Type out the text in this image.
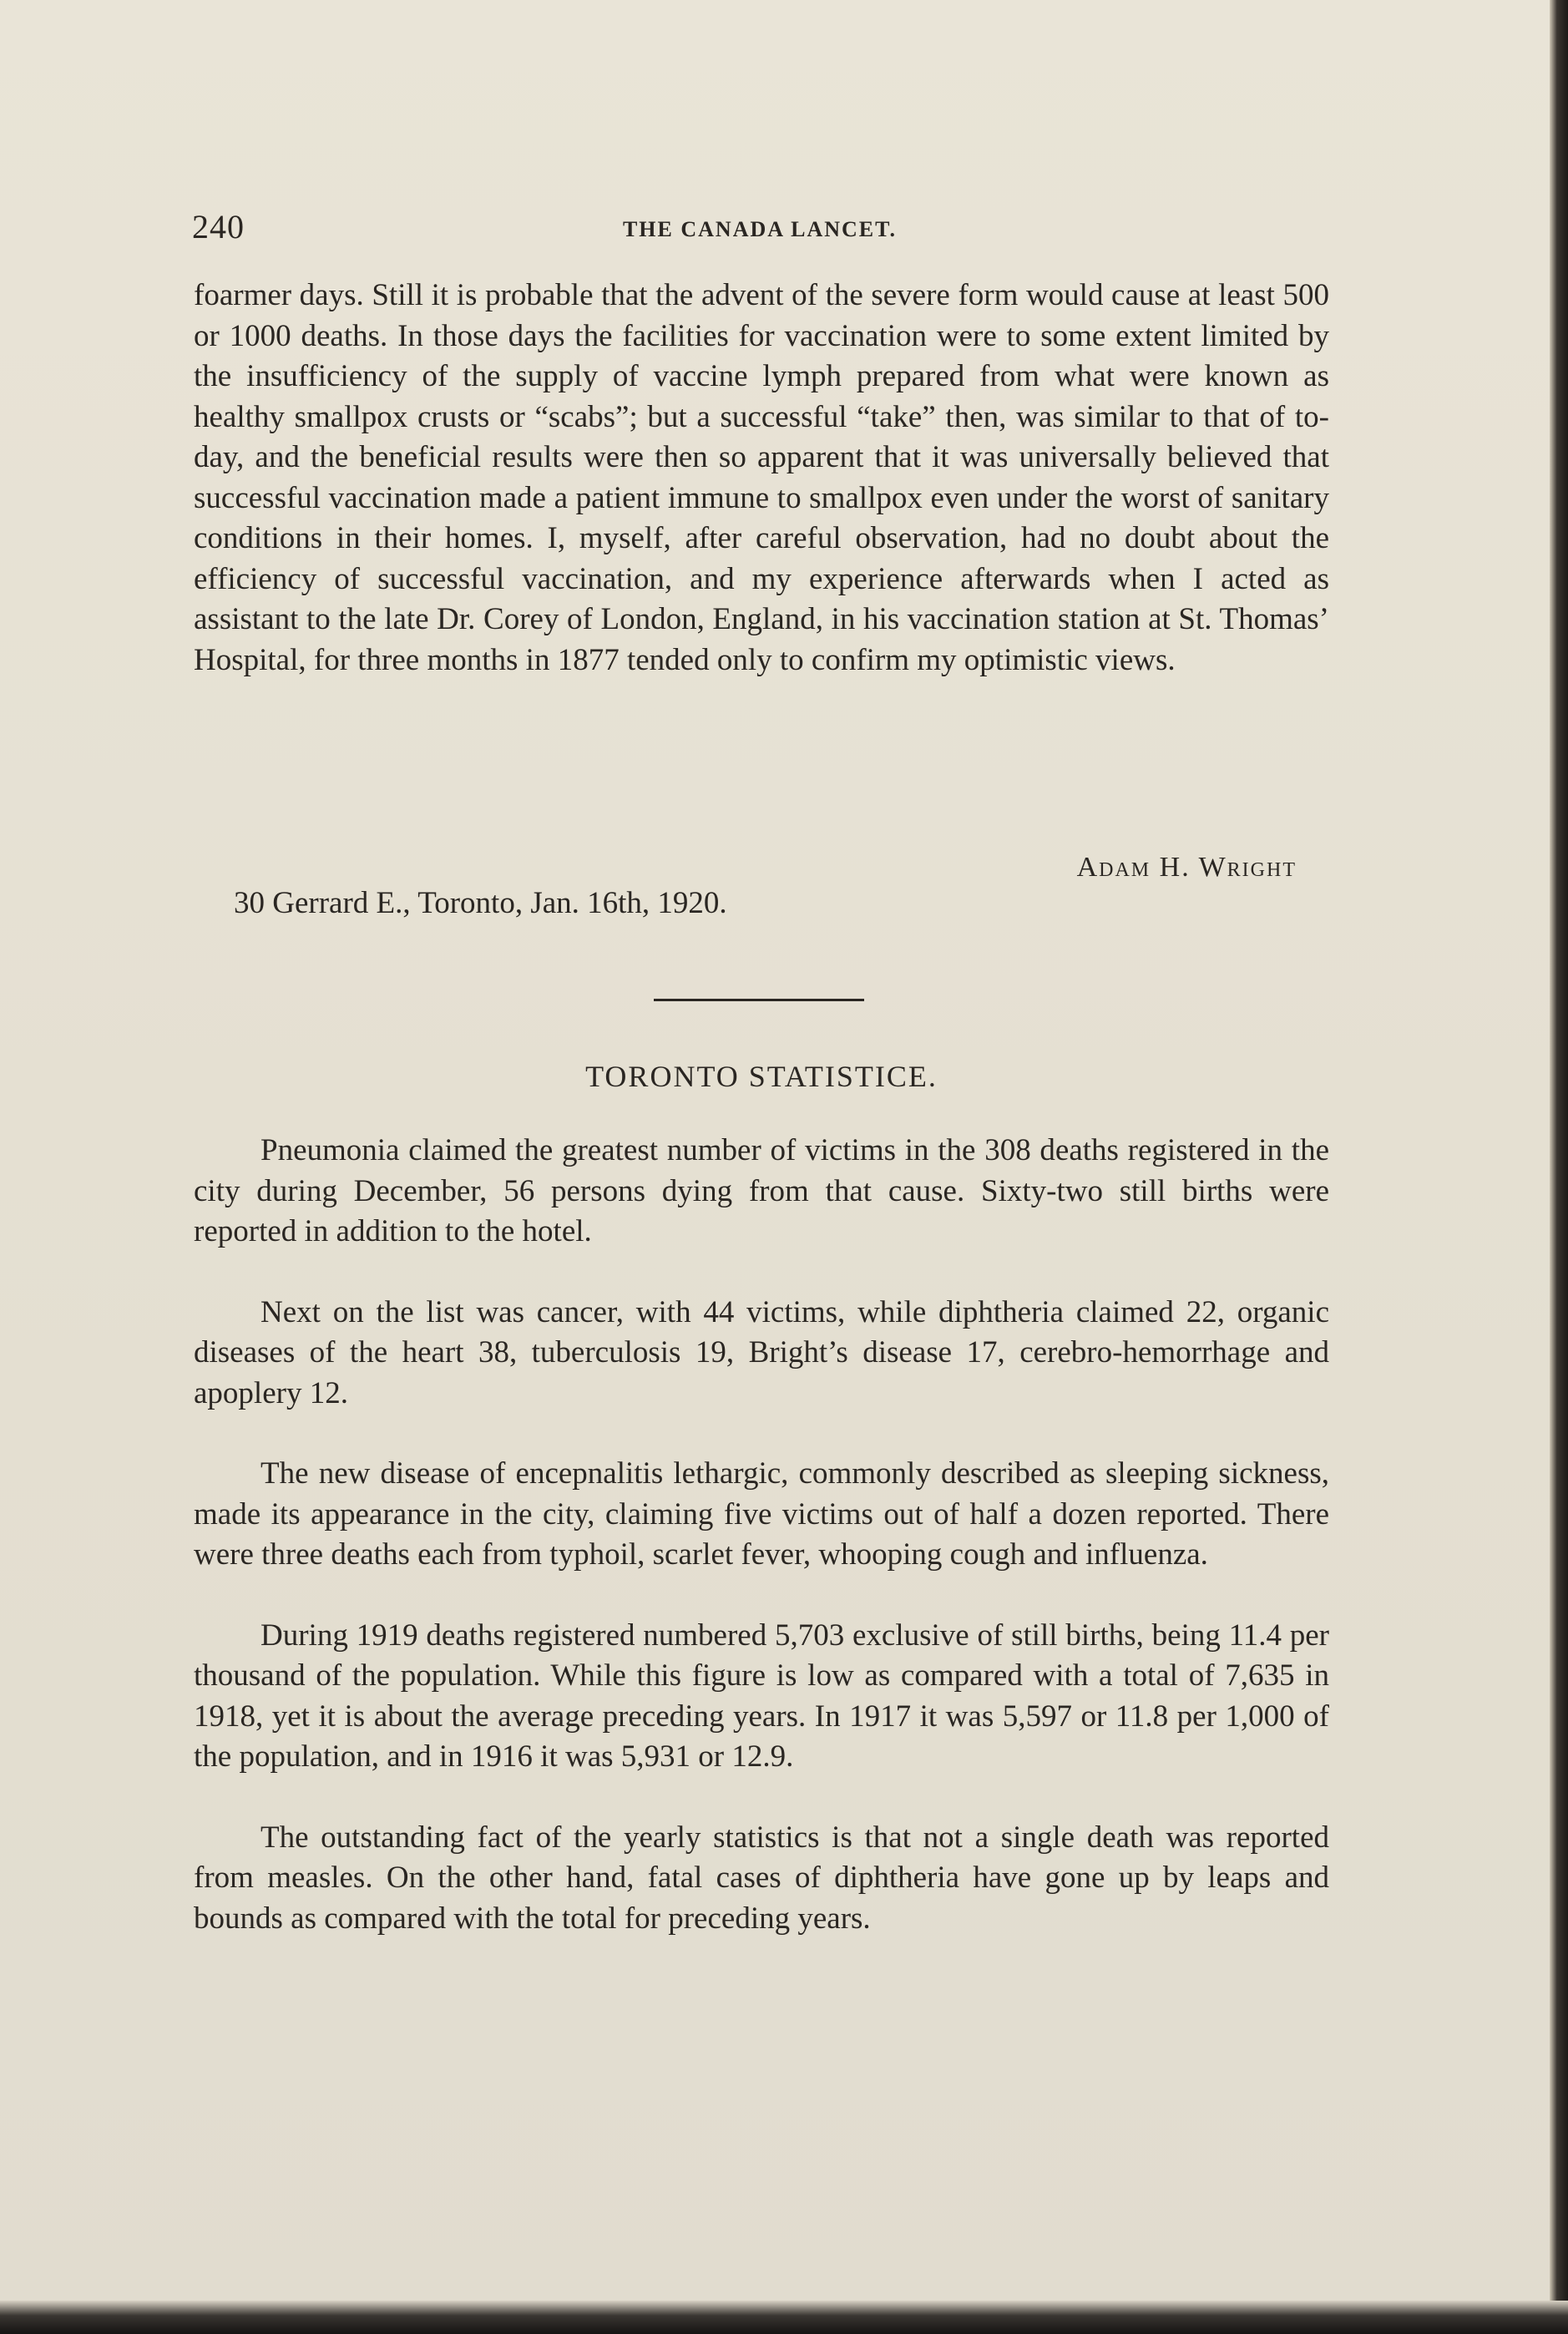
240	THE CANADA LANCET.

foarmer days. Still it is probable that the advent of the severe form would cause at least 500 or 1000 deaths. In those days the facilities for vaccination were to some extent limited by the insufficiency of the supply of vaccine lymph prepared from what were known as healthy smallpox crusts or “scabs”; but a successful “take” then, was similar to that of to-day, and the beneficial results were then so apparent that it was universally believed that successful vaccination made a patient immune to smallpox even under the worst of sanitary conditions in their homes. I, myself, after careful observation, had no doubt about the efficiency of successful vaccination, and my experience afterwards when I acted as assistant to the late Dr. Corey of London, England, in his vaccination station at St. Thomas’ Hospital, for three months in 1877 tended only to confirm my optimistic views.

Adam H. Wright
30 Gerrard E., Toronto, Jan. 16th, 1920.
TORONTO STATISTICE.

Pneumonia claimed the greatest number of victims in the 308 deaths registered in the city during December, 56 persons dying from that cause. Sixty-two still births were reported in addition to the hotel.

Next on the list was cancer, with 44 victims, while diphtheria claimed 22, organic diseases of the heart 38, tuberculosis 19, Bright’s disease 17, cerebro-hemorrhage and apoplery 12.

The new disease of encepnalitis lethargic, commonly described as sleeping sickness, made its appearance in the city, claiming five victims out of half a dozen reported. There were three deaths each from typhoil, scarlet fever, whooping cough and influenza.

During 1919 deaths registered numbered 5,703 exclusive of still births, being 11.4 per thousand of the population. While this figure is low as compared with a total of 7,635 in 1918, yet it is about the average preceding years. In 1917 it was 5,597 or 11.8 per 1,000 of the population, and in 1916 it was 5,931 or 12.9.

The outstanding fact of the yearly statistics is that not a single death was reported from measles. On the other hand, fatal cases of diphtheria have gone up by leaps and bounds as compared with the total for preceding years.
